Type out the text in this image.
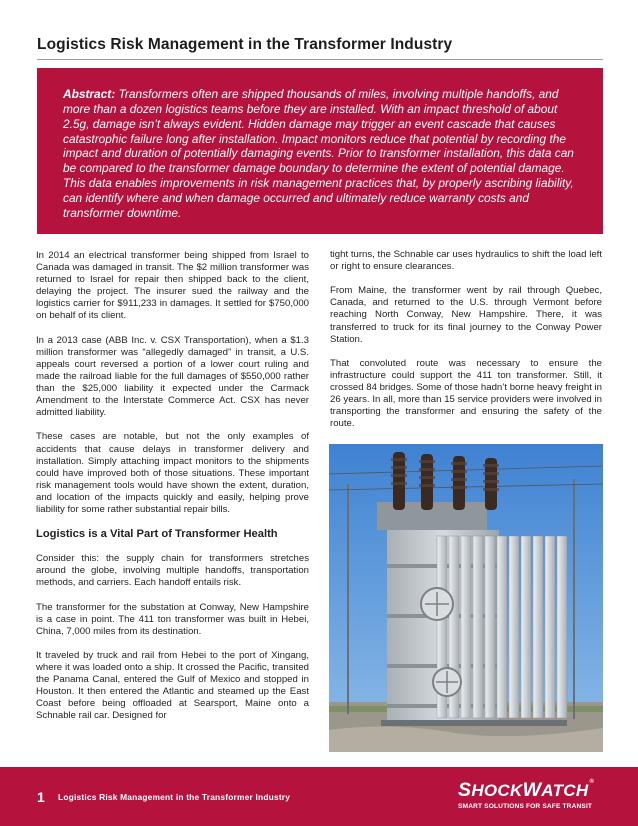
Logistics Risk Management in the Transformer Industry
Abstract: Transformers often are shipped thousands of miles, involving multiple handoffs, and more than a dozen logistics teams before they are installed. With an impact threshold of about 2.5g, damage isn’t always evident. Hidden damage may trigger an event cascade that causes catastrophic failure long after installation. Impact monitors reduce that potential by recording the impact and duration of potentially damaging events. Prior to transformer installation, this data can be compared to the transformer damage boundary to determine the extent of potential damage. This data enables improvements in risk management practices that, by properly ascribing liability, can identify where and when damage occurred and ultimately reduce warranty costs and transformer downtime.

In 2014 an electrical transformer being shipped from Israel to Canada was damaged in transit. The $2 million transformer was returned to Israel for repair then shipped back to the client, delaying the project. The insurer sued the railway and the logistics carrier for $911,233 in damages. It settled for $750,000 on behalf of its client.

In a 2013 case (ABB Inc. v. CSX Transportation), when a $1.3 million transformer was “allegedly damaged” in transit, a U.S. appeals court reversed a portion of a lower court ruling and made the railroad liable for the full damages of $550,000 rather than the $25,000 liability it expected under the Carmack Amendment to the Interstate Commerce Act. CSX has never admitted liability.

These cases are notable, but not the only examples of accidents that cause delays in transformer delivery and installation. Simply attaching impact monitors to the shipments could have improved both of those situations. These important risk management tools would have shown the extent, duration, and location of the impacts quickly and easily, helping prove liability for some rather substantial repair bills.

Logistics is a Vital Part of Transformer Health

Consider this: the supply chain for transformers stretches around the globe, involving multiple handoffs, transportation methods, and carriers. Each handoff entails risk.

The transformer for the substation at Conway, New Hampshire is a case in point. The 411 ton transformer was built in Hebei, China, 7,000 miles from its destination.

It traveled by truck and rail from Hebei to the port of Xingang, where it was loaded onto a ship. It crossed the Pacific, transited the Panama Canal, entered the Gulf of Mexico and stopped in Houston. It then entered the Atlantic and steamed up the East Coast before being offloaded at Searsport, Maine onto a Schnable rail car. Designed for

tight turns, the Schnable car uses hydraulics to shift the load left or right to ensure clearances.

From Maine, the transformer went by rail through Quebec, Canada, and returned to the U.S. through Vermont before reaching North Conway, New Hampshire. There, it was transferred to truck for its final journey to the Conway Power Station.

That convoluted route was necessary to ensure the infrastructure could support the 411 ton transformer. Still, it crossed 84 bridges. Some of those hadn’t borne heavy freight in 26 years. In all, more than 15 service providers were involved in transporting the transformer and ensuring the safety of the route.

1 Logistics Risk Management in the Transformer Industry	SHOCKWATCH®
SMART SOLUTIONS FOR SAFE TRANSIT
